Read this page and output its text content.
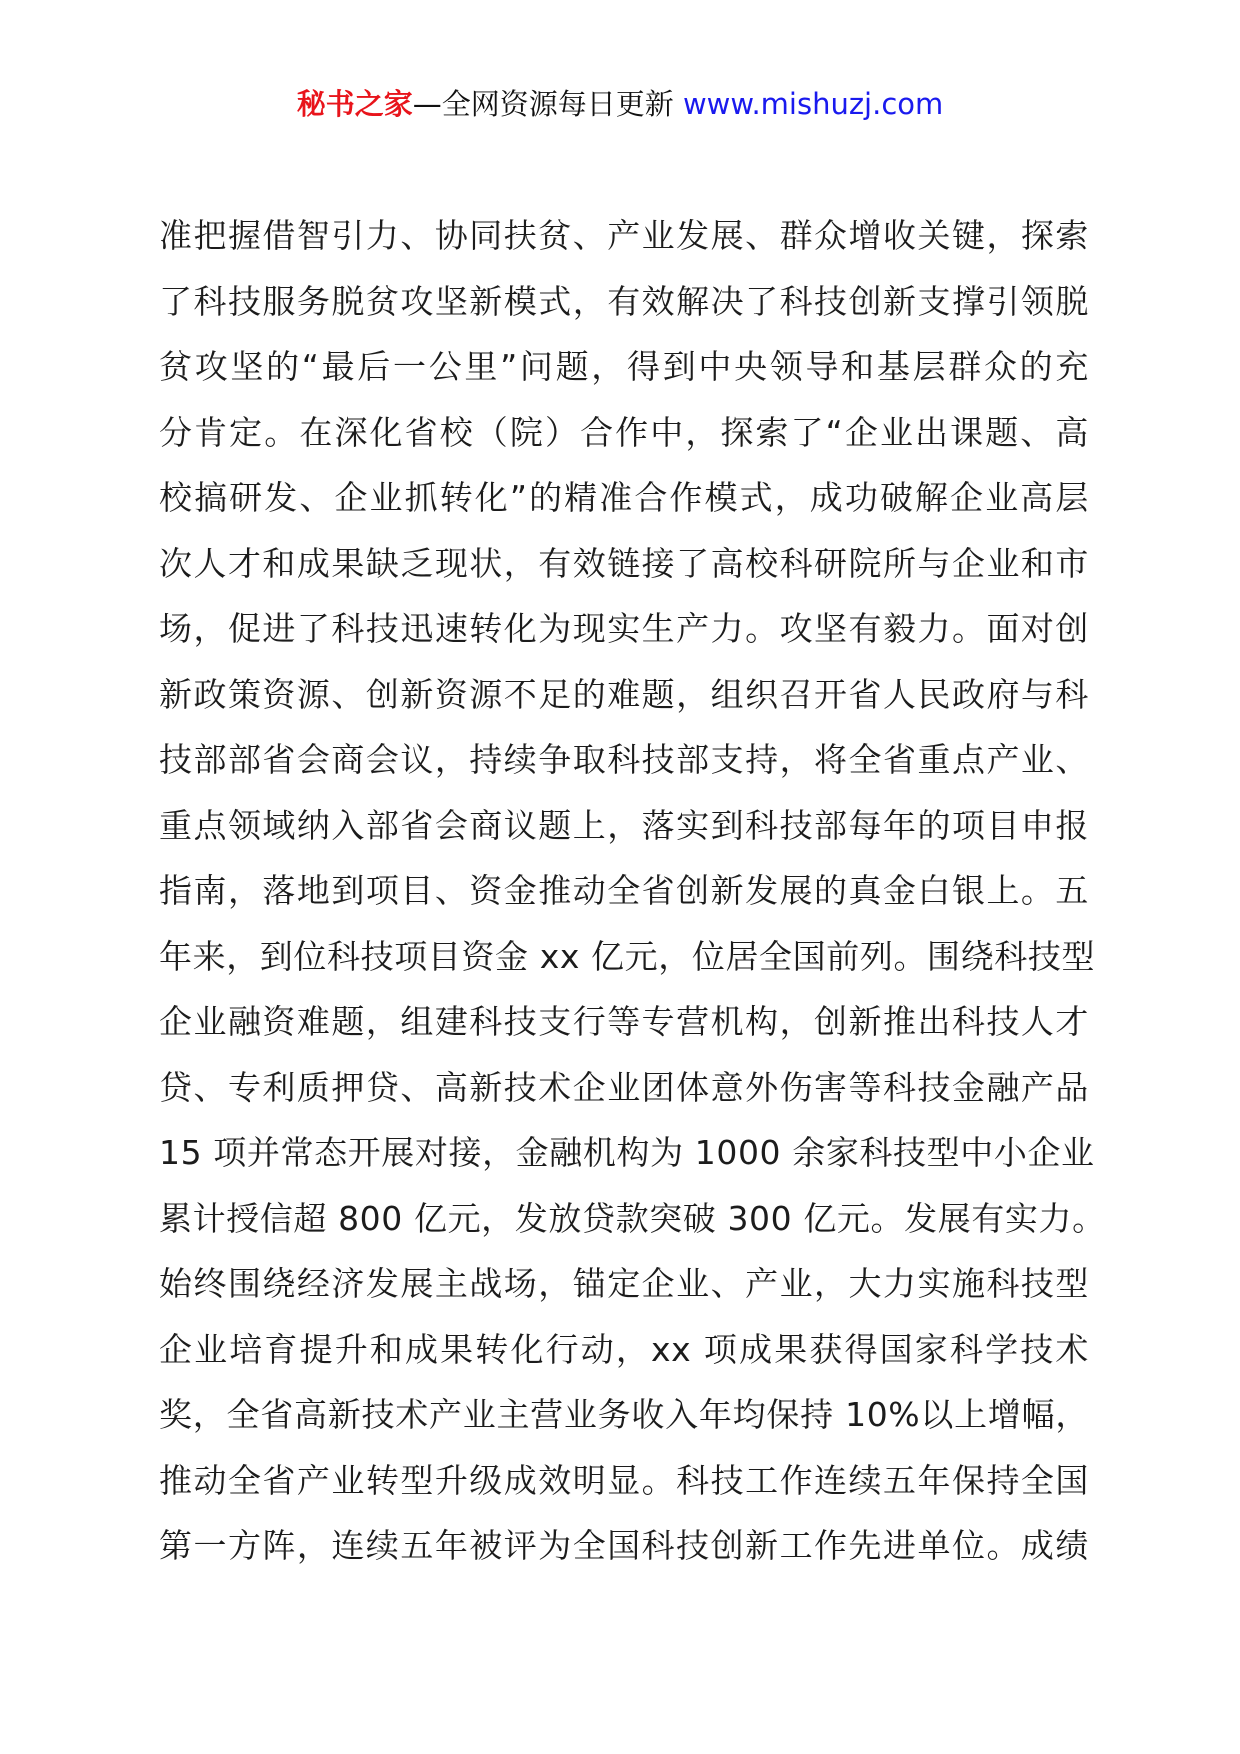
秘书之家—全网资源每日更新 www.mishuzj.com
准把握借智引力、协同扶贫、产业发展、群众增收关键，探索
了科技服务脱贫攻坚新模式，有效解决了科技创新支撑引领脱
贫攻坚的“最后一公里”问题，得到中央领导和基层群众的充
分肯定。在深化省校（院）合作中，探索了“企业出课题、高
校搞研发、企业抓转化”的精准合作模式，成功破解企业高层
次人才和成果缺乏现状，有效链接了高校科研院所与企业和市
场，促进了科技迅速转化为现实生产力。攻坚有毅力。面对创
新政策资源、创新资源不足的难题，组织召开省人民政府与科
技部部省会商会议，持续争取科技部支持，将全省重点产业、
重点领域纳入部省会商议题上，落实到科技部每年的项目申报
指南，落地到项目、资金推动全省创新发展的真金白银上。五
年来，到位科技项目资金 xx 亿元，位居全国前列。围绕科技型
企业融资难题，组建科技支行等专营机构，创新推出科技人才
贷、专利质押贷、高新技术企业团体意外伤害等科技金融产品
15 项并常态开展对接，金融机构为 1000 余家科技型中小企业
累计授信超 800 亿元，发放贷款突破 300 亿元。发展有实力。
始终围绕经济发展主战场，锚定企业、产业，大力实施科技型
企业培育提升和成果转化行动，xx 项成果获得国家科学技术
奖，全省高新技术产业主营业务收入年均保持 10%以上增幅，
推动全省产业转型升级成效明显。科技工作连续五年保持全国
第一方阵，连续五年被评为全国科技创新工作先进单位。成绩
